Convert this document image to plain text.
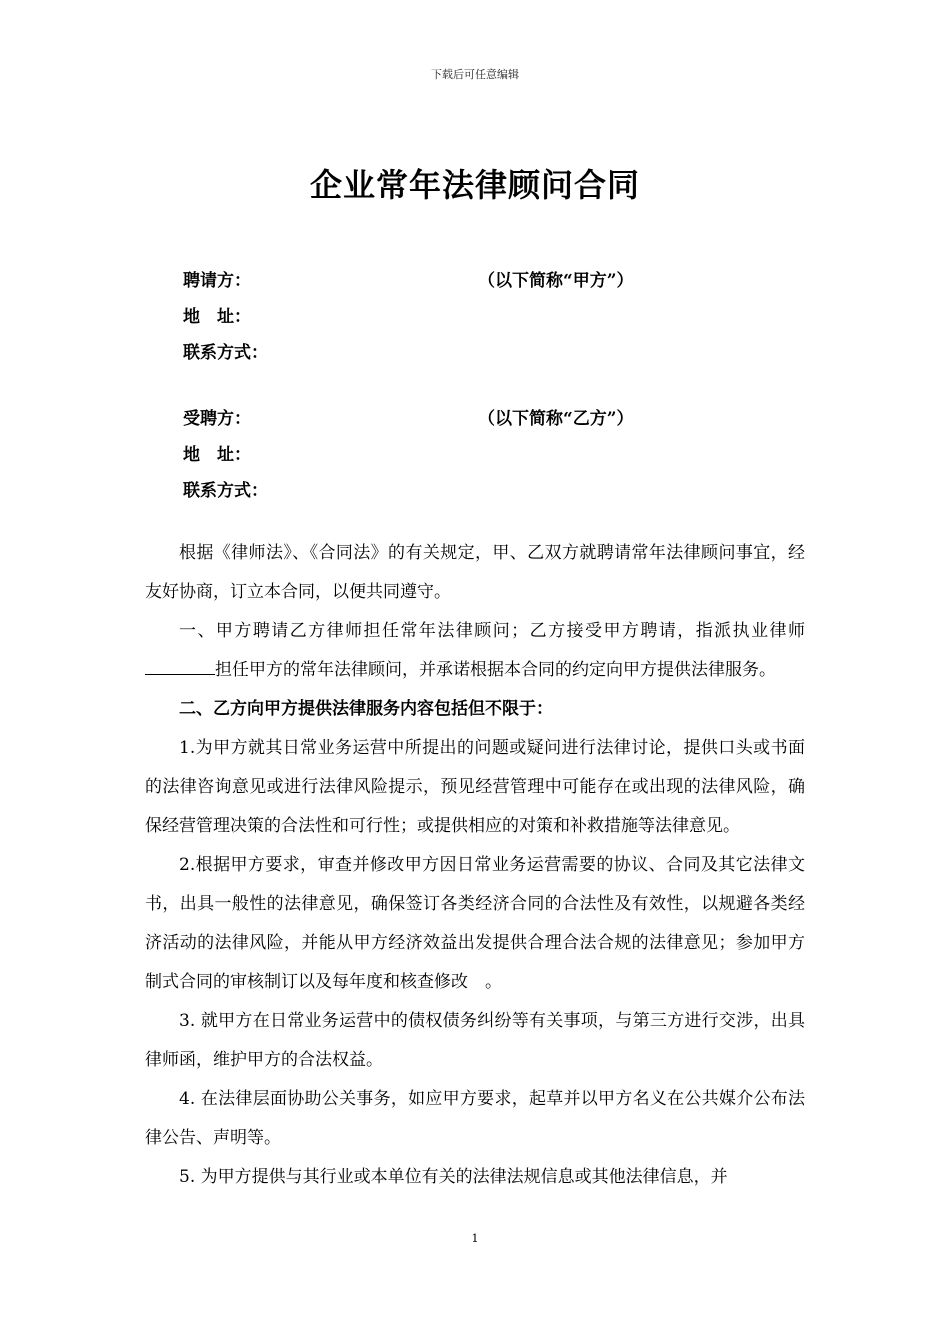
下载后可任意编辑
企业常年法律顾问合同
聘请方：	（以下简称“甲方”）
地　址：
联系方式：
受聘方：	（以下简称“乙方”）
地　址：
联系方式：

根据《律师法》、《合同法》的有关规定，甲、乙双方就聘请常年法律顾问事宜，经友好协商，订立本合同，以便共同遵守。

一、甲方聘请乙方律师担任常年法律顾问；乙方接受甲方聘请，指派执业律师担任甲方的常年法律顾问，并承诺根据本合同的约定向甲方提供法律服务。

二、乙方向甲方提供法律服务内容包括但不限于：

1.为甲方就其日常业务运营中所提出的问题或疑问进行法律讨论，提供口头或书面的法律咨询意见或进行法律风险提示，预见经营管理中可能存在或出现的法律风险，确保经营管理决策的合法性和可行性；或提供相应的对策和补救措施等法律意见。

2.根据甲方要求，审查并修改甲方因日常业务运营需要的协议、合同及其它法律文书，出具一般性的法律意见，确保签订各类经济合同的合法性及有效性，以规避各类经济活动的法律风险，并能从甲方经济效益出发提供合理合法合规的法律意见；参加甲方制式合同的审核制订以及每年度和核查修改　。

3. 就甲方在日常业务运营中的债权债务纠纷等有关事项，与第三方进行交涉，出具律师函，维护甲方的合法权益。

4. 在法律层面协助公关事务，如应甲方要求，起草并以甲方名义在公共媒介公布法律公告、声明等。

5. 为甲方提供与其行业或本单位有关的法律法规信息或其他法律信息，并

1
